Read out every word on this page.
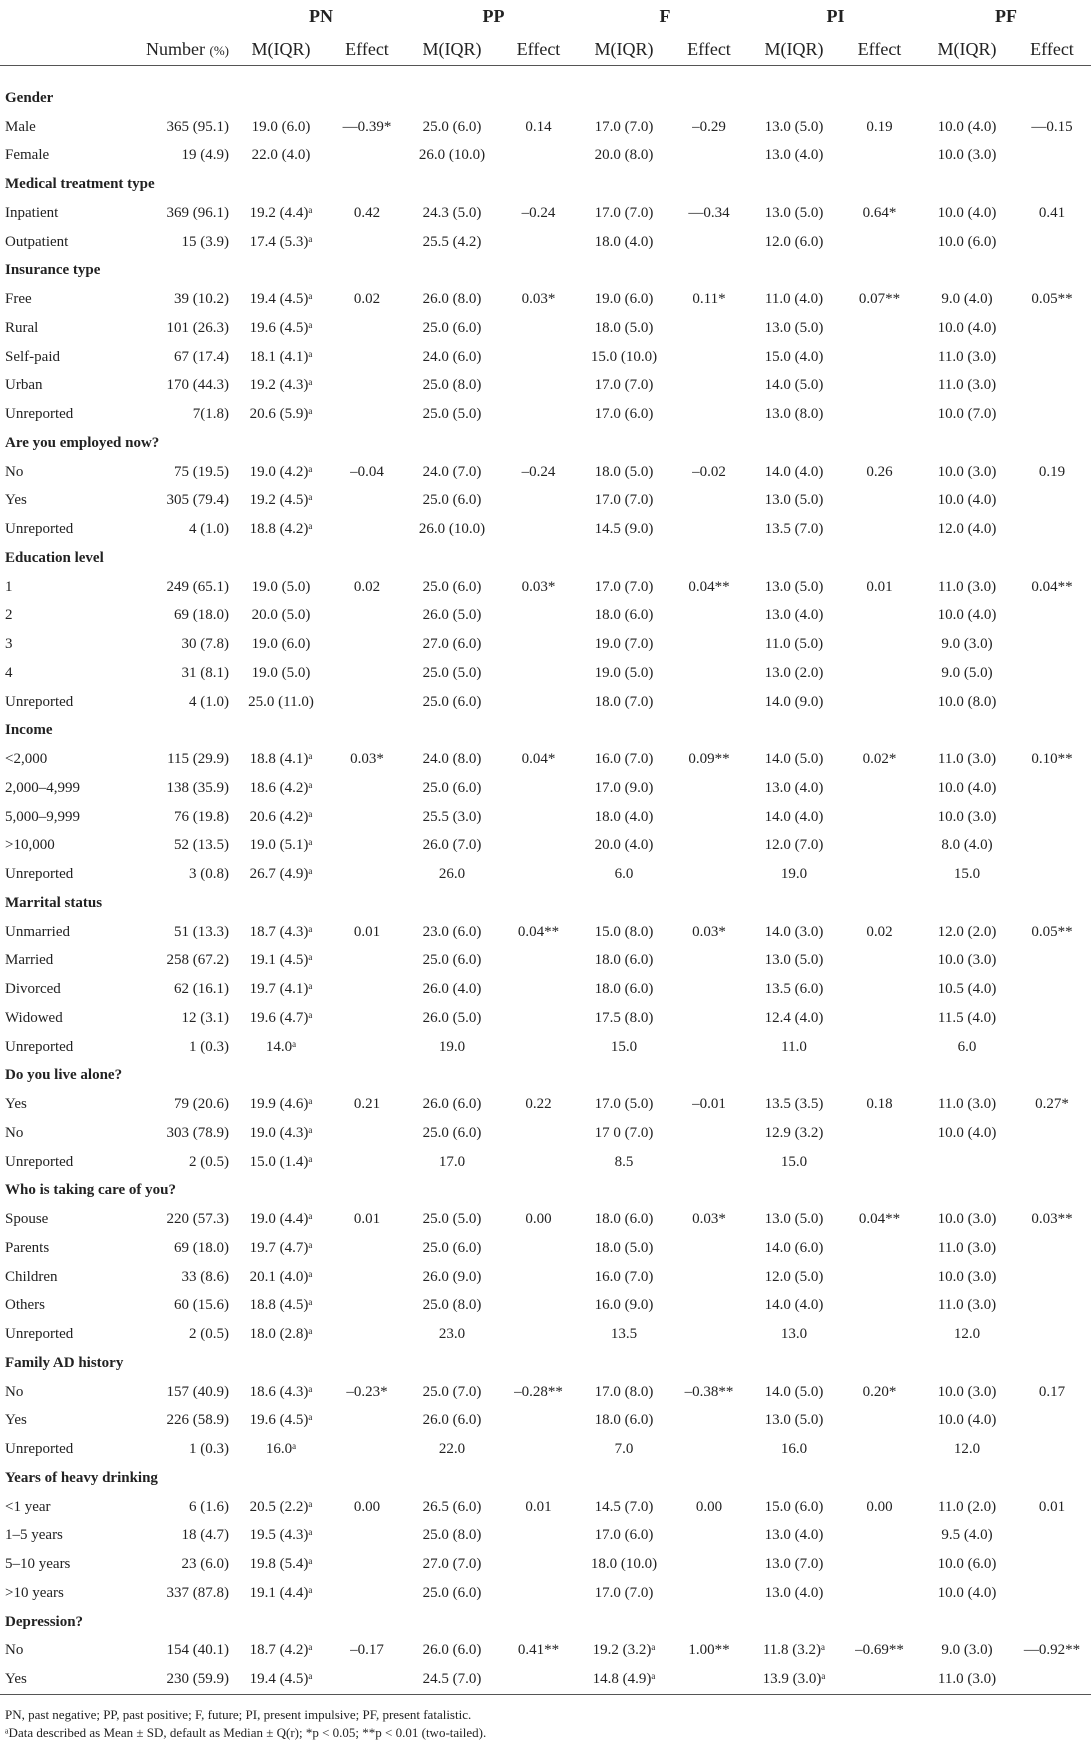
		PN		PP		F		PI		PF	
	Number (%)	M(IQR)	Effect	M(IQR)	Effect	M(IQR)	Effect	M(IQR)	Effect	M(IQR)	Effect

Gender											
Male	365 (95.1)	19.0 (6.0)	—0.39*	25.0 (6.0)	0.14	17.0 (7.0)	–0.29	13.0 (5.0)	0.19	10.0 (4.0)	—0.15
Female	19 (4.9)	22.0 (4.0)		26.0 (10.0)		20.0 (8.0)		13.0 (4.0)		10.0 (3.0)	
Medical treatment type											
Inpatient	369 (96.1)	19.2 (4.4)ᵃ	0.42	24.3 (5.0)	–0.24	17.0 (7.0)	—0.34	13.0 (5.0)	0.64*	10.0 (4.0)	0.41
Outpatient	15 (3.9)	17.4 (5.3)ᵃ		25.5 (4.2)		18.0 (4.0)		12.0 (6.0)		10.0 (6.0)	
Insurance type											
Free	39 (10.2)	19.4 (4.5)ᵃ	0.02	26.0 (8.0)	0.03*	19.0 (6.0)	0.11*	11.0 (4.0)	0.07**	9.0 (4.0)	0.05**
Rural	101 (26.3)	19.6 (4.5)ᵃ		25.0 (6.0)		18.0 (5.0)		13.0 (5.0)		10.0 (4.0)	
Self-paid	67 (17.4)	18.1 (4.1)ᵃ		24.0 (6.0)		15.0 (10.0)		15.0 (4.0)		11.0 (3.0)	
Urban	170 (44.3)	19.2 (4.3)ᵃ		25.0 (8.0)		17.0 (7.0)		14.0 (5.0)		11.0 (3.0)	
Unreported	7(1.8)	20.6 (5.9)ᵃ		25.0 (5.0)		17.0 (6.0)		13.0 (8.0)		10.0 (7.0)	
Are you employed now?											
No	75 (19.5)	19.0 (4.2)ᵃ	–0.04	24.0 (7.0)	–0.24	18.0 (5.0)	–0.02	14.0 (4.0)	0.26	10.0 (3.0)	0.19
Yes	305 (79.4)	19.2 (4.5)ᵃ		25.0 (6.0)		17.0 (7.0)		13.0 (5.0)		10.0 (4.0)	
Unreported	4 (1.0)	18.8 (4.2)ᵃ		26.0 (10.0)		14.5 (9.0)		13.5 (7.0)		12.0 (4.0)	
Education level											
1	249 (65.1)	19.0 (5.0)	0.02	25.0 (6.0)	0.03*	17.0 (7.0)	0.04**	13.0 (5.0)	0.01	11.0 (3.0)	0.04**
2	69 (18.0)	20.0 (5.0)		26.0 (5.0)		18.0 (6.0)		13.0 (4.0)		10.0 (4.0)	
3	30 (7.8)	19.0 (6.0)		27.0 (6.0)		19.0 (7.0)		11.0 (5.0)		9.0 (3.0)	
4	31 (8.1)	19.0 (5.0)		25.0 (5.0)		19.0 (5.0)		13.0 (2.0)		9.0 (5.0)	
Unreported	4 (1.0)	25.0 (11.0)		25.0 (6.0)		18.0 (7.0)		14.0 (9.0)		10.0 (8.0)	
Income											
<2,000	115 (29.9)	18.8 (4.1)ᵃ	0.03*	24.0 (8.0)	0.04*	16.0 (7.0)	0.09**	14.0 (5.0)	0.02*	11.0 (3.0)	0.10**
2,000–4,999	138 (35.9)	18.6 (4.2)ᵃ		25.0 (6.0)		17.0 (9.0)		13.0 (4.0)		10.0 (4.0)	
5,000–9,999	76 (19.8)	20.6 (4.2)ᵃ		25.5 (3.0)		18.0 (4.0)		14.0 (4.0)		10.0 (3.0)	
>10,000	52 (13.5)	19.0 (5.1)ᵃ		26.0 (7.0)		20.0 (4.0)		12.0 (7.0)		8.0 (4.0)	
Unreported	3 (0.8)	26.7 (4.9)ᵃ		26.0		6.0		19.0		15.0	
Marrital status											
Unmarried	51 (13.3)	18.7 (4.3)ᵃ	0.01	23.0 (6.0)	0.04**	15.0 (8.0)	0.03*	14.0 (3.0)	0.02	12.0 (2.0)	0.05**
Married	258 (67.2)	19.1 (4.5)ᵃ		25.0 (6.0)		18.0 (6.0)		13.0 (5.0)		10.0 (3.0)	
Divorced	62 (16.1)	19.7 (4.1)ᵃ		26.0 (4.0)		18.0 (6.0)		13.5 (6.0)		10.5 (4.0)	
Widowed	12 (3.1)	19.6 (4.7)ᵃ		26.0 (5.0)		17.5 (8.0)		12.4 (4.0)		11.5 (4.0)	
Unreported	1 (0.3)	14.0ᵃ		19.0		15.0		11.0		6.0	
Do you live alone?											
Yes	79 (20.6)	19.9 (4.6)ᵃ	0.21	26.0 (6.0)	0.22	17.0 (5.0)	–0.01	13.5 (3.5)	0.18	11.0 (3.0)	0.27*
No	303 (78.9)	19.0 (4.3)ᵃ		25.0 (6.0)		17 0 (7.0)		12.9 (3.2)		10.0 (4.0)	
Unreported	2 (0.5)	15.0 (1.4)ᵃ		17.0		8.5		15.0			
Who is taking care of you?											
Spouse	220 (57.3)	19.0 (4.4)ᵃ	0.01	25.0 (5.0)	0.00	18.0 (6.0)	0.03*	13.0 (5.0)	0.04**	10.0 (3.0)	0.03**
Parents	69 (18.0)	19.7 (4.7)ᵃ		25.0 (6.0)		18.0 (5.0)		14.0 (6.0)		11.0 (3.0)	
Children	33 (8.6)	20.1 (4.0)ᵃ		26.0 (9.0)		16.0 (7.0)		12.0 (5.0)		10.0 (3.0)	
Others	60 (15.6)	18.8 (4.5)ᵃ		25.0 (8.0)		16.0 (9.0)		14.0 (4.0)		11.0 (3.0)	
Unreported	2 (0.5)	18.0 (2.8)ᵃ		23.0		13.5		13.0		12.0	
Family AD history											
No	157 (40.9)	18.6 (4.3)ᵃ	–0.23*	25.0 (7.0)	–0.28**	17.0 (8.0)	–0.38**	14.0 (5.0)	0.20*	10.0 (3.0)	0.17
Yes	226 (58.9)	19.6 (4.5)ᵃ		26.0 (6.0)		18.0 (6.0)		13.0 (5.0)		10.0 (4.0)	
Unreported	1 (0.3)	16.0ᵃ		22.0		7.0		16.0		12.0	
Years of heavy drinking											
<1 year	6 (1.6)	20.5 (2.2)ᵃ	0.00	26.5 (6.0)	0.01	14.5 (7.0)	0.00	15.0 (6.0)	0.00	11.0 (2.0)	0.01
1–5 years	18 (4.7)	19.5 (4.3)ᵃ		25.0 (8.0)		17.0 (6.0)		13.0 (4.0)		9.5 (4.0)	
5–10 years	23 (6.0)	19.8 (5.4)ᵃ		27.0 (7.0)		18.0 (10.0)		13.0 (7.0)		10.0 (6.0)	
>10 years	337 (87.8)	19.1 (4.4)ᵃ		25.0 (6.0)		17.0 (7.0)		13.0 (4.0)		10.0 (4.0)	
Depression?											
No	154 (40.1)	18.7 (4.2)ᵃ	–0.17	26.0 (6.0)	0.41**	19.2 (3.2)ᵃ	1.00**	11.8 (3.2)ᵃ	–0.69**	9.0 (3.0)	—0.92**
Yes	230 (59.9)	19.4 (4.5)ᵃ		24.5 (7.0)		14.8 (4.9)ᵃ		13.9 (3.0)ᵃ		11.0 (3.0)	
PN, past negative; PP, past positive; F, future; PI, present impulsive; PF, present fatalistic.											
ᵃData described as Mean ± SD, default as Median ± Q(r); *p < 0.05; **p < 0.01 (two-tailed).											
